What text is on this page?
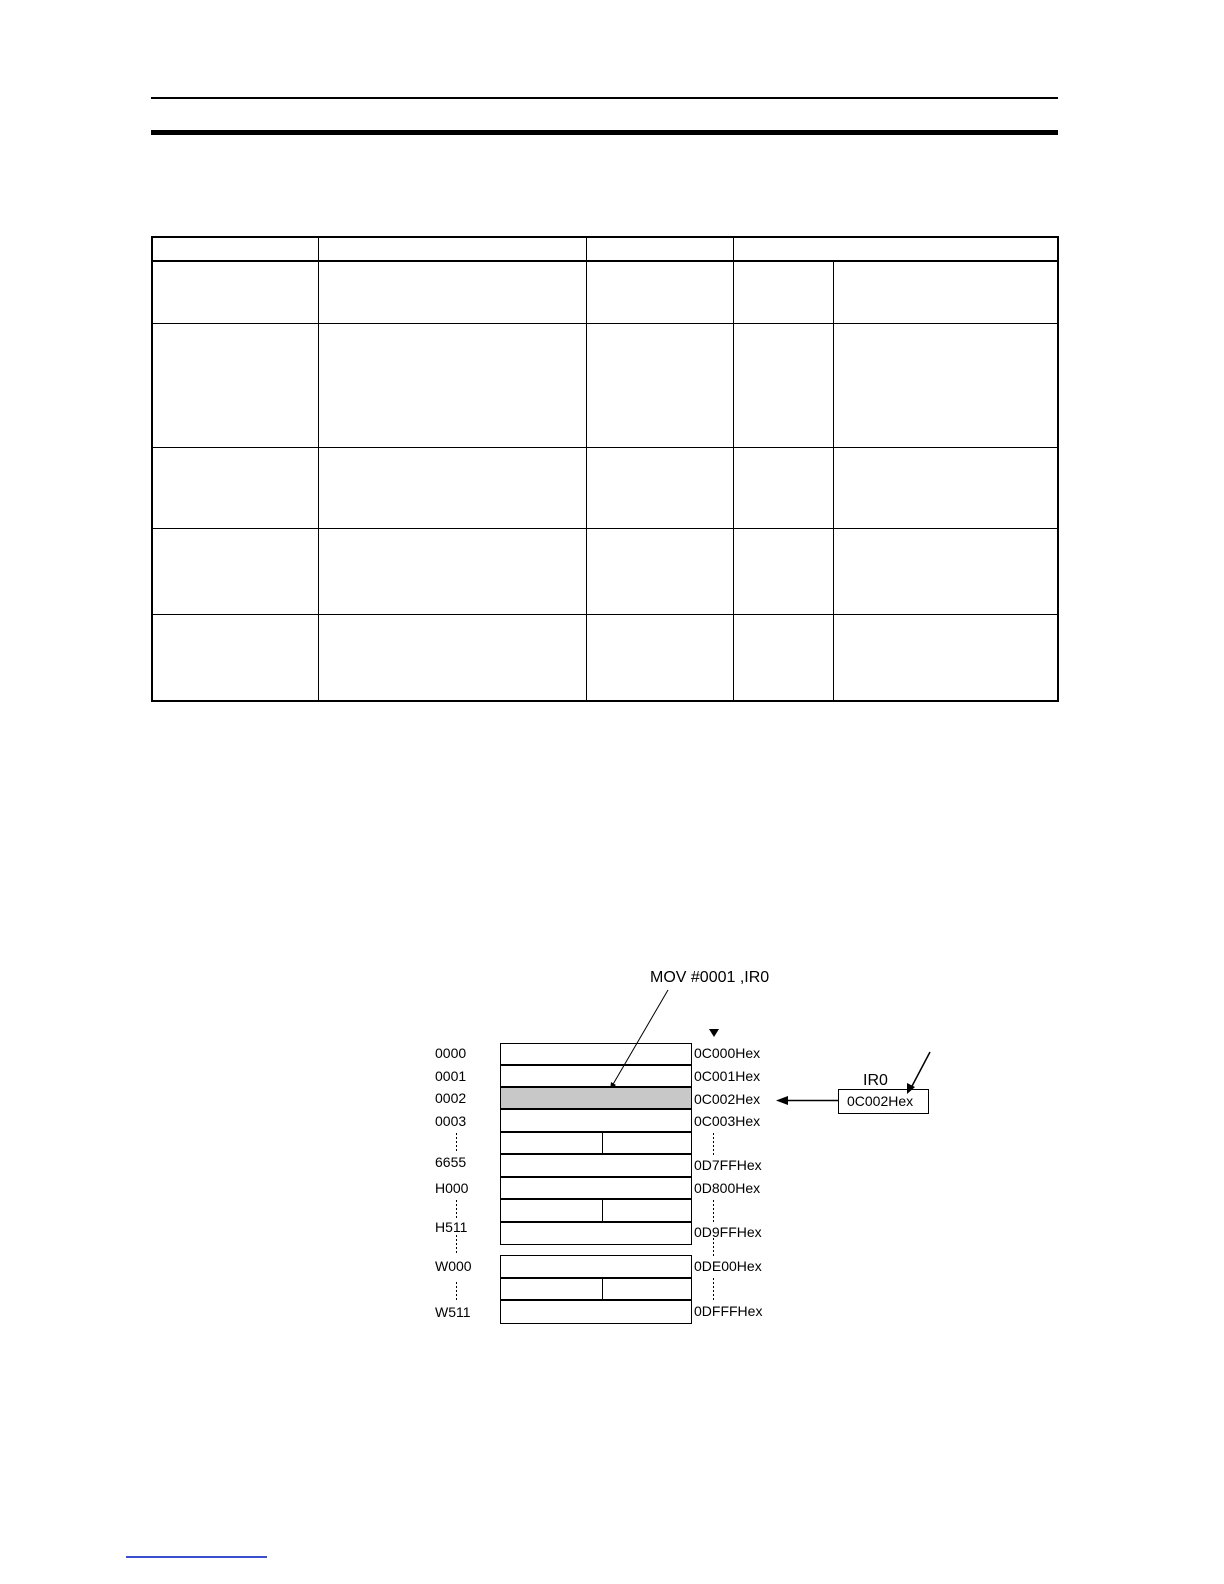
MOV #0001 ,IR0
0000
0001
0002
0003
6655
H000
H511
W000
W511
0C000Hex
0C001Hex
0C002Hex
0C003Hex
0D7FFHex
0D800Hex
0D9FFHex
0DE00Hex
0DFFFHex
IR0
0C002Hex
